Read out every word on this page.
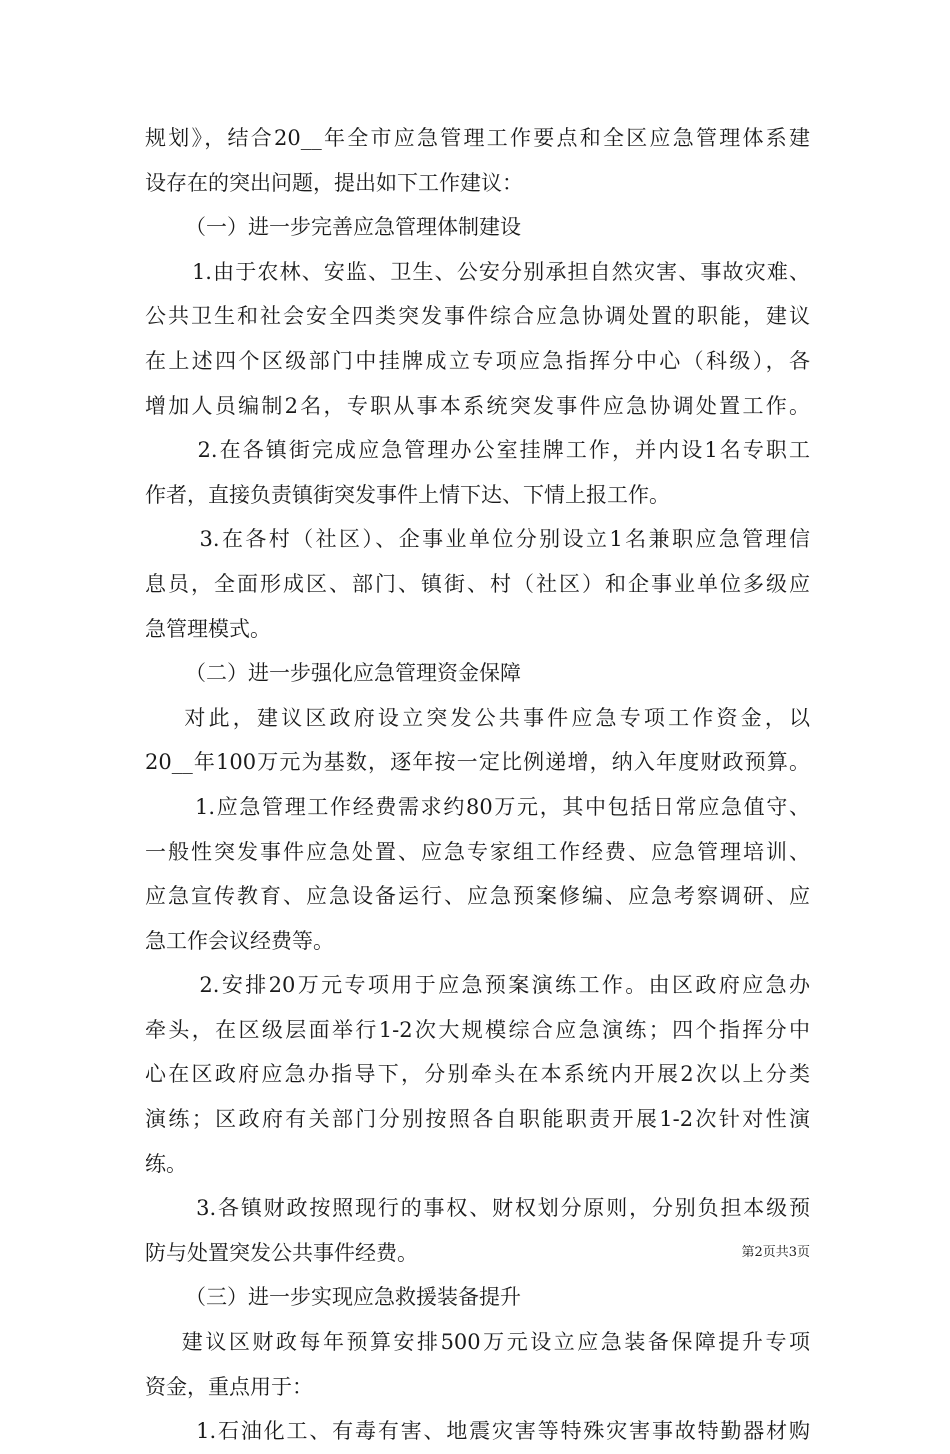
规划》，结合20__年全市应急管理工作要点和全区应急管理体系建
设存在的突出问题，提出如下工作建议：
（一）进一步完善应急管理体制建设
1.由于农林、安监、卫生、公安分别承担自然灾害、事故灾难、
公共卫生和社会安全四类突发事件综合应急协调处置的职能，建议
在上述四个区级部门中挂牌成立专项应急指挥分中心（科级），各
增加人员编制2名，专职从事本系统突发事件应急协调处置工作。
2.在各镇街完成应急管理办公室挂牌工作，并内设1名专职工
作者，直接负责镇街突发事件上情下达、下情上报工作。
3.在各村（社区）、企事业单位分别设立1名兼职应急管理信
息员，全面形成区、部门、镇街、村（社区）和企事业单位多级应
急管理模式。
（二）进一步强化应急管理资金保障
对此，建议区政府设立突发公共事件应急专项工作资金，以
20__年100万元为基数，逐年按一定比例递增，纳入年度财政预算。
1.应急管理工作经费需求约80万元，其中包括日常应急值守、
一般性突发事件应急处置、应急专家组工作经费、应急管理培训、
应急宣传教育、应急设备运行、应急预案修编、应急考察调研、应
急工作会议经费等。
2.安排20万元专项用于应急预案演练工作。由区政府应急办
牵头，在区级层面举行1-2次大规模综合应急演练；四个指挥分中
心在区政府应急办指导下，分别牵头在本系统内开展2次以上分类
演练；区政府有关部门分别按照各自职能职责开展1-2次针对性演
练。
3.各镇财政按照现行的事权、财权划分原则，分别负担本级预
防与处置突发公共事件经费。
（三）进一步实现应急救援装备提升
建议区财政每年预算安排500万元设立应急装备保障提升专项
资金，重点用于：
1.石油化工、有毒有害、地震灾害等特殊灾害事故特勤器材购
第2页共3页
